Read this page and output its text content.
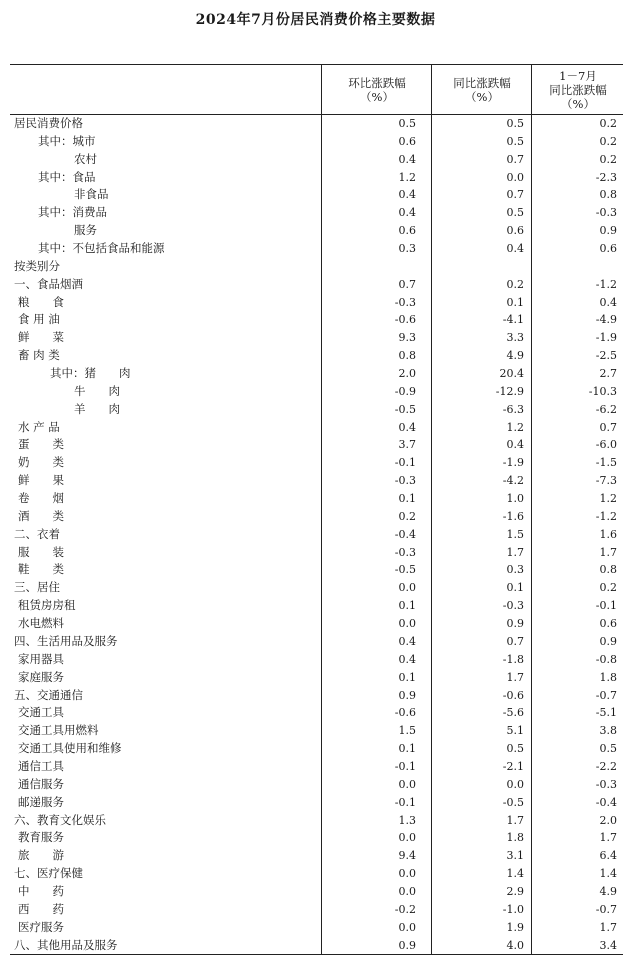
2024年7月份居民消费价格主要数据
环比涨跌幅
（%）
同比涨跌幅
（%）
1－7月
同比涨跌幅
（%）
居民消费价格	0.5	0.5	0.2
其中：城市	0.6	0.5	0.2
农村	0.4	0.7	0.2
其中：食品	1.2	0.0	-2.3
非食品	0.4	0.7	0.8
其中：消费品	0.4	0.5	-0.3
服务	0.6	0.6	0.9
其中：不包括食品和能源	0.3	0.4	0.6
按类别分
一、食品烟酒	0.7	0.2	-1.2
粮　　食	-0.3	0.1	0.4
食 用 油	-0.6	-4.1	-4.9
鲜　　菜	9.3	3.3	-1.9
畜 肉 类	0.8	4.9	-2.5
其中：猪　　肉	2.0	20.4	2.7
牛　　肉	-0.9	-12.9	-10.3
羊　　肉	-0.5	-6.3	-6.2
水 产 品	0.4	1.2	0.7
蛋　　类	3.7	0.4	-6.0
奶　　类	-0.1	-1.9	-1.5
鲜　　果	-0.3	-4.2	-7.3
卷　　烟	0.1	1.0	1.2
酒　　类	0.2	-1.6	-1.2
二、衣着	-0.4	1.5	1.6
服　　装	-0.3	1.7	1.7
鞋　　类	-0.5	0.3	0.8
三、居住	0.0	0.1	0.2
租赁房房租	0.1	-0.3	-0.1
水电燃料	0.0	0.9	0.6
四、生活用品及服务	0.4	0.7	0.9
家用器具	0.4	-1.8	-0.8
家庭服务	0.1	1.7	1.8
五、交通通信	0.9	-0.6	-0.7
交通工具	-0.6	-5.6	-5.1
交通工具用燃料	1.5	5.1	3.8
交通工具使用和维修	0.1	0.5	0.5
通信工具	-0.1	-2.1	-2.2
通信服务	0.0	0.0	-0.3
邮递服务	-0.1	-0.5	-0.4
六、教育文化娱乐	1.3	1.7	2.0
教育服务	0.0	1.8	1.7
旅　　游	9.4	3.1	6.4
七、医疗保健	0.0	1.4	1.4
中　　药	0.0	2.9	4.9
西　　药	-0.2	-1.0	-0.7
医疗服务	0.0	1.9	1.7
八、其他用品及服务	0.9	4.0	3.4
